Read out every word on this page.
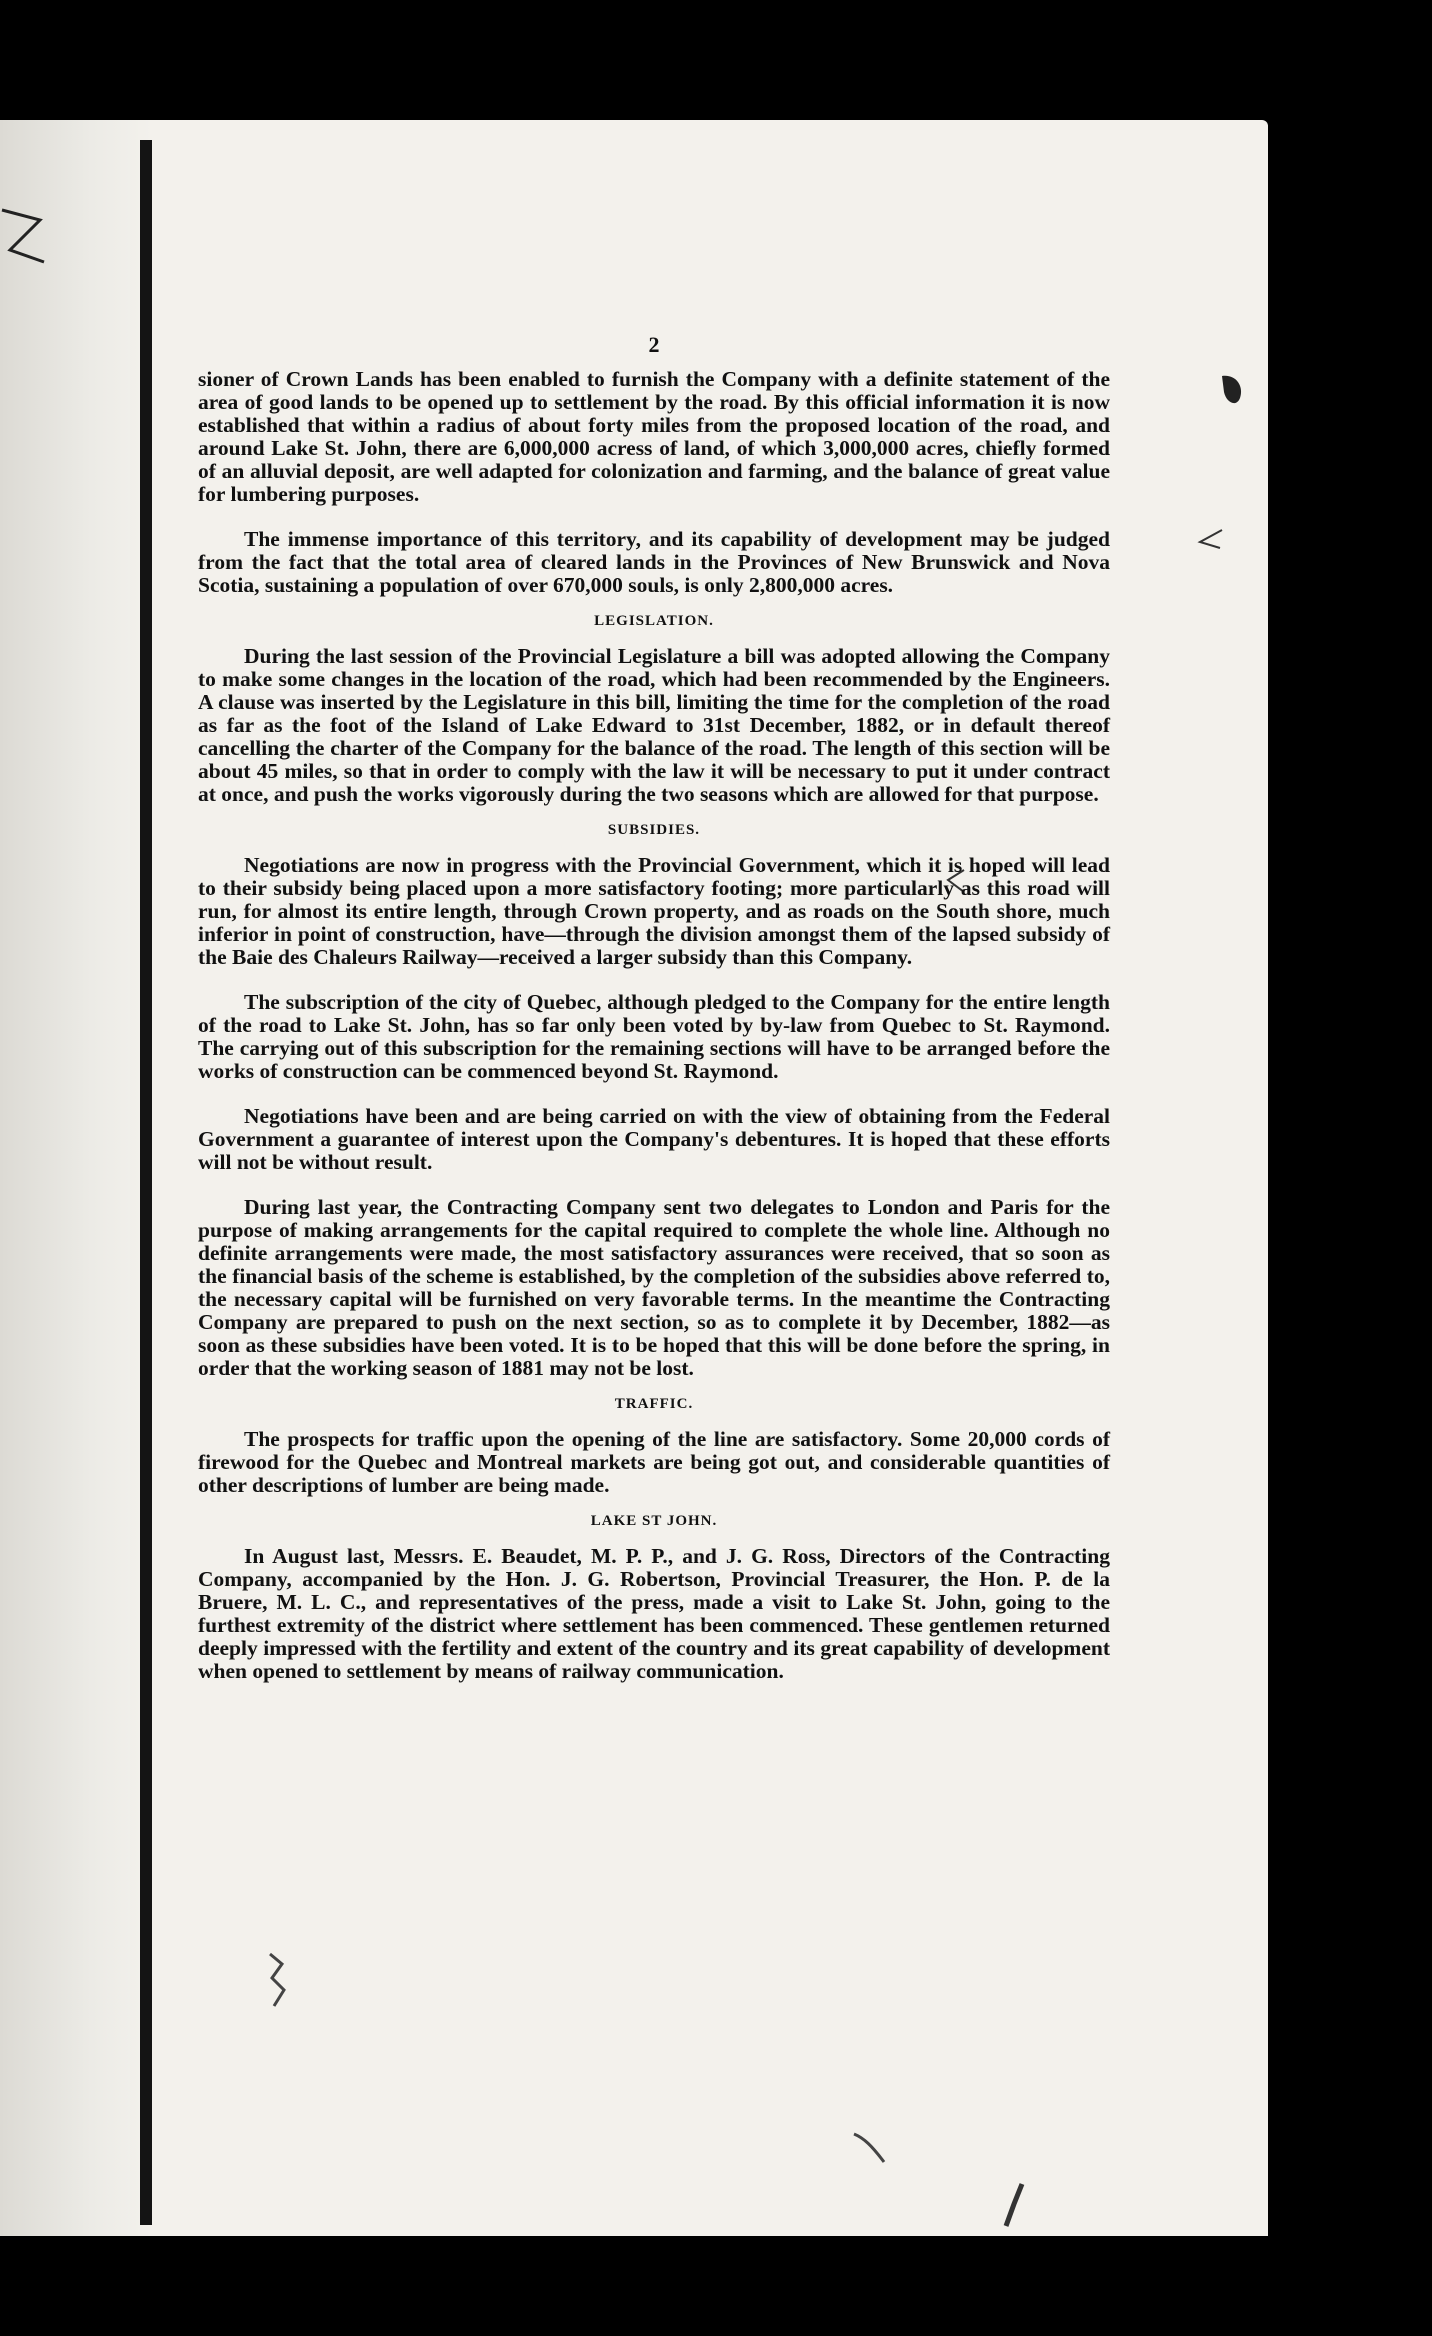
2

sioner of Crown Lands has been enabled to furnish the Company with a definite statement of the area of good lands to be opened up to settlement by the road. By this official information it is now established that within a radius of about forty miles from the proposed location of the road, and around Lake St. John, there are 6,000,000 acress of land, of which 3,000,000 acres, chiefly formed of an alluvial deposit, are well adapted for colonization and farming, and the balance of great value for lumbering purposes.

The immense importance of this territory, and its capability of development may be judged from the fact that the total area of cleared lands in the Provinces of New Brunswick and Nova Scotia, sustaining a population of over 670,000 souls, is only 2,800,000 acres.

LEGISLATION.

During the last session of the Provincial Legislature a bill was adopted allowing the Company to make some changes in the location of the road, which had been recommended by the Engineers. A clause was inserted by the Legislature in this bill, limiting the time for the completion of the road as far as the foot of the Island of Lake Edward to 31st December, 1882, or in default thereof cancelling the charter of the Company for the balance of the road. The length of this section will be about 45 miles, so that in order to comply with the law it will be necessary to put it under contract at once, and push the works vigorously during the two seasons which are allowed for that purpose.

SUBSIDIES.

Negotiations are now in progress with the Provincial Government, which it is hoped will lead to their subsidy being placed upon a more satisfactory footing; more particularly as this road will run, for almost its entire length, through Crown property, and as roads on the South shore, much inferior in point of construction, have—through the division amongst them of the lapsed subsidy of the Baie des Chaleurs Railway—received a larger subsidy than this Company.

The subscription of the city of Quebec, although pledged to the Company for the entire length of the road to Lake St. John, has so far only been voted by by-law from Quebec to St. Raymond. The carrying out of this subscription for the remaining sections will have to be arranged before the works of construction can be commenced beyond St. Raymond.

Negotiations have been and are being carried on with the view of obtaining from the Federal Government a guarantee of interest upon the Company's debentures. It is hoped that these efforts will not be without result.

During last year, the Contracting Company sent two delegates to London and Paris for the purpose of making arrangements for the capital required to complete the whole line. Although no definite arrangements were made, the most satisfactory assurances were received, that so soon as the financial basis of the scheme is established, by the completion of the subsidies above referred to, the necessary capital will be furnished on very favorable terms. In the meantime the Contracting Company are prepared to push on the next section, so as to complete it by December, 1882—as soon as these subsidies have been voted. It is to be hoped that this will be done before the spring, in order that the working season of 1881 may not be lost.

TRAFFIC.

The prospects for traffic upon the opening of the line are satisfactory. Some 20,000 cords of firewood for the Quebec and Montreal markets are being got out, and considerable quantities of other descriptions of lumber are being made.

LAKE ST JOHN.

In August last, Messrs. E. Beaudet, M. P. P., and J. G. Ross, Directors of the Contracting Company, accompanied by the Hon. J. G. Robertson, Provincial Treasurer, the Hon. P. de la Bruere, M. L. C., and representatives of the press, made a visit to Lake St. John, going to the furthest extremity of the district where settlement has been commenced. These gentlemen returned deeply impressed with the fertility and extent of the country and its great capability of development when opened to settlement by means of railway communication.
